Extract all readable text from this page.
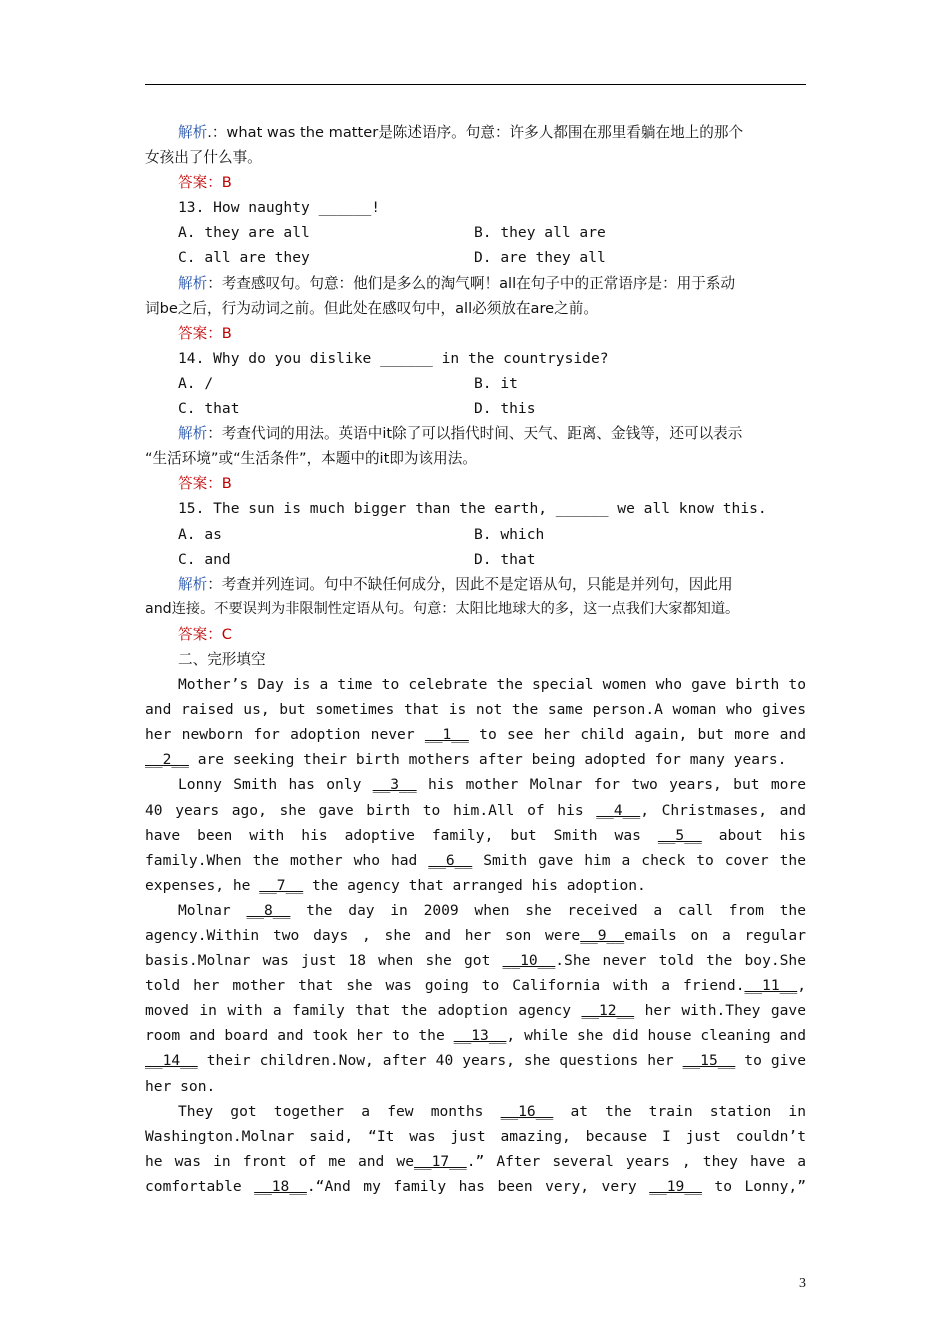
解析.：what was the matter是陈述语序。句意：许多人都围在那里看躺在地上的那个
女孩出了什么事。
答案：B
13. How naughty ______!
A. they are all	B. they all are
C. all are they	D. are they all
解析：考查感叹句。句意：他们是多么的淘气啊！all在句子中的正常语序是：用于系动
词be之后，行为动词之前。但此处在感叹句中，all必须放在are之前。
答案：B
14. Why do you dislike ______ in the countryside?
A. /	B. it
C. that	D. this
解析：考查代词的用法。英语中it除了可以指代时间、天气、距离、金钱等，还可以表示
“生活环境”或“生活条件”，本题中的it即为该用法。
答案：B
15. The sun is much bigger than the earth, ______ we all know this.
A. as	B. which
C. and	D. that
解析：考查并列连词。句中不缺任何成分，因此不是定语从句，只能是并列句，因此用
and连接。不要误判为非限制性定语从句。句意：太阳比地球大的多，这一点我们大家都知道。
答案：C
二、完形填空
Mother’s Day is a time to celebrate the special women who gave birth to
and raised us, but sometimes that is not the same person.A woman who gives
her newborn for adoption never __1__ to see her child again, but more and
__2__ are seeking their birth mothers after being adopted for many years.
Lonny Smith has only __3__ his mother Molnar for two years, but more
40 years ago, she gave birth to him.All of his __4__, Christmases, and
have been with his adoptive family, but Smith was __5__ about his
family.When the mother who had __6__ Smith gave him a check to cover the
expenses, he __7__ the agency that arranged his adoption.
Molnar __8__ the day in 2009 when she received a call from the
agency.Within two days , she and her son were__9__emails on a regular
basis.Molnar was just 18 when she got __10__.She never told the boy.She
told her mother that she was going to California with a friend.__11__,
moved in with a family that the adoption agency __12__ her with.They gave
room and board and took her to the __13__, while she did house cleaning and
__14__ their children.Now, after 40 years, she questions her __15__ to give
her son.
They got together a few months __16__ at the train station in
Washington.Molnar said, “It was just amazing, because I just couldn’t
he was in front of me and we__17__.” After several years , they have a
comfortable __18__.“And my family has been very, very __19__ to Lonny,”
3
